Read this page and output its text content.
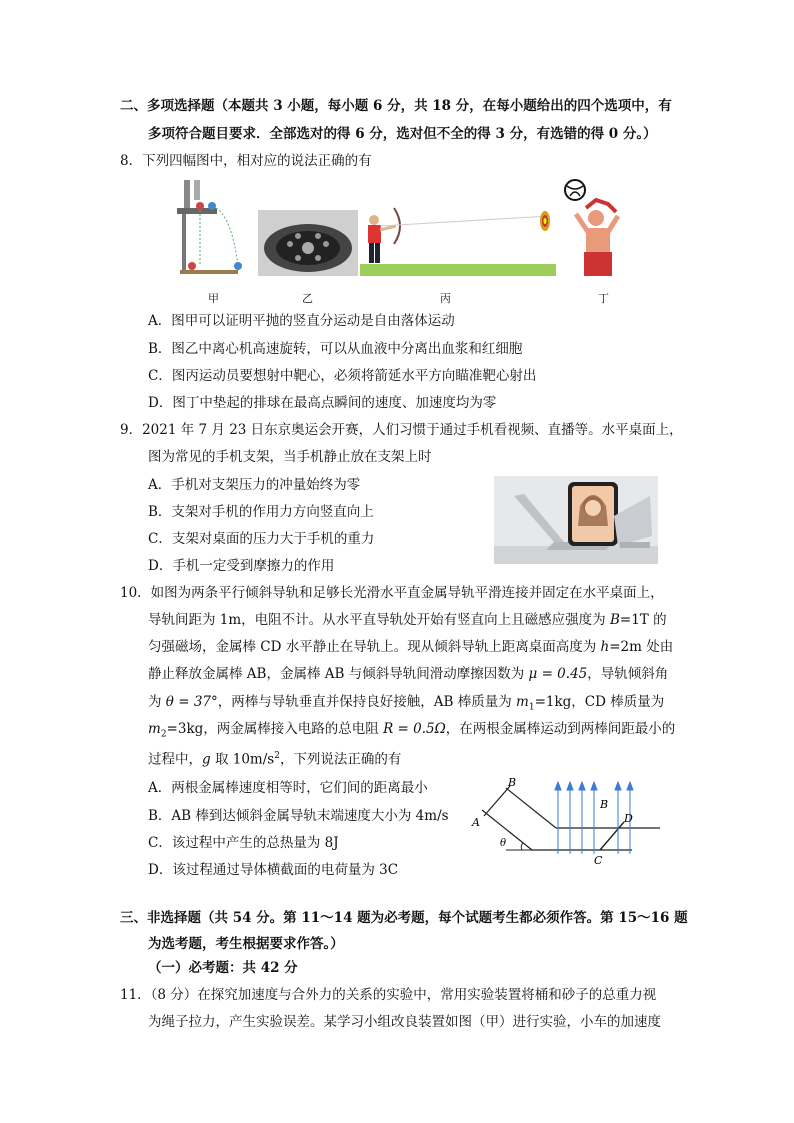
二、多项选择题（本题共 3 小题，每小题 6 分，共 18 分，在每小题给出的四个选项中，有
多项符合题目要求．全部选对的得 6 分，选对但不全的得 3 分，有选错的得 0 分。）
8．下列四幅图中，相对应的说法正确的有
甲	乙	丙	丁
A．图甲可以证明平抛的竖直分运动是自由落体运动
B．图乙中离心机高速旋转，可以从血液中分离出血浆和红细胞
C．图丙运动员要想射中靶心，必须将箭延水平方向瞄准靶心射出
D．图丁中垫起的排球在最高点瞬间的速度、加速度均为零
9．2021 年 7 月 23 日东京奥运会开赛，人们习惯于通过手机看视频、直播等。水平桌面上，
图为常见的手机支架，当手机静止放在支架上时
A．手机对支架压力的冲量始终为零
B．支架对手机的作用力方向竖直向上
C．支架对桌面的压力大于手机的重力
D．手机一定受到摩擦力的作用
10．如图为两条平行倾斜导轨和足够长光滑水平直金属导轨平滑连接并固定在水平桌面上，
导轨间距为 1m，电阻不计。从水平直导轨处开始有竖直向上且磁感应强度为 B=1T 的
匀强磁场，金属棒 CD 水平静止在导轨上。现从倾斜导轨上距离桌面高度为 h=2m 处由
静止释放金属棒 AB，金属棒 AB 与倾斜导轨间滑动摩擦因数为 μ = 0.45，导轨倾斜角
为 θ = 37°，两棒与导轨垂直并保持良好接触，AB 棒质量为 $m_1=1kg$，CD 棒质量为
$m_2=3kg$，两金属棒接入电路的总电阻 R = 0.5Ω，在两根金属棒运动到两棒间距最小的
过程中，g 取 $10m/s^2$，下列说法正确的有
A．两根金属棒速度相等时，它们间的距离最小
B．AB 棒到达倾斜金属导轨末端速度大小为 4m/s
C．该过程中产生的总热量为 8J
D．该过程通过导体横截面的电荷量为 3C
B
A
θ
B
D
C
三、非选择题（共 54 分。第 11～14 题为必考题，每个试题考生都必须作答。第 15～16 题
为选考题，考生根据要求作答。）
（一）必考题：共 42 分
11．（8 分）在探究加速度与合外力的关系的实验中，常用实验装置将桶和砂子的总重力视
为绳子拉力，产生实验误差。某学习小组改良装置如图（甲）进行实验，小车的加速度
